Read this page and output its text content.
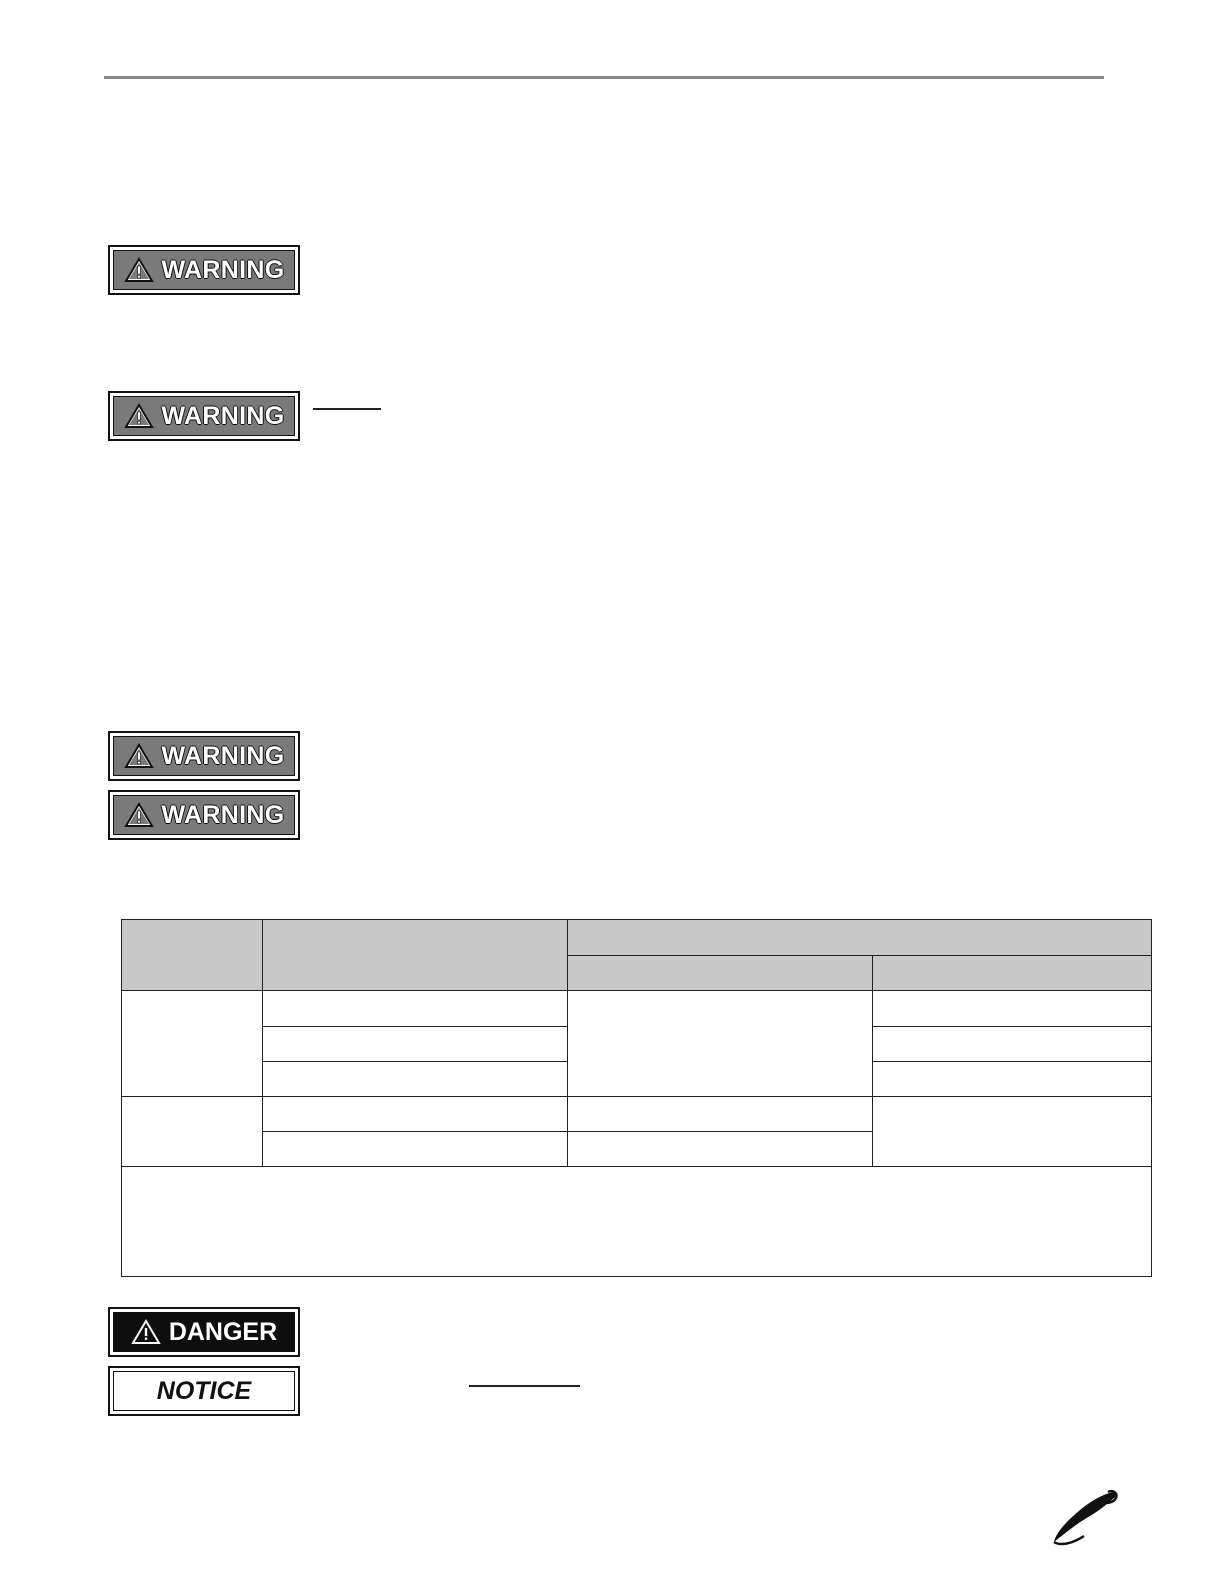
WARNING
WARNING
WARNING
WARNING

DANGER
NOTICE
